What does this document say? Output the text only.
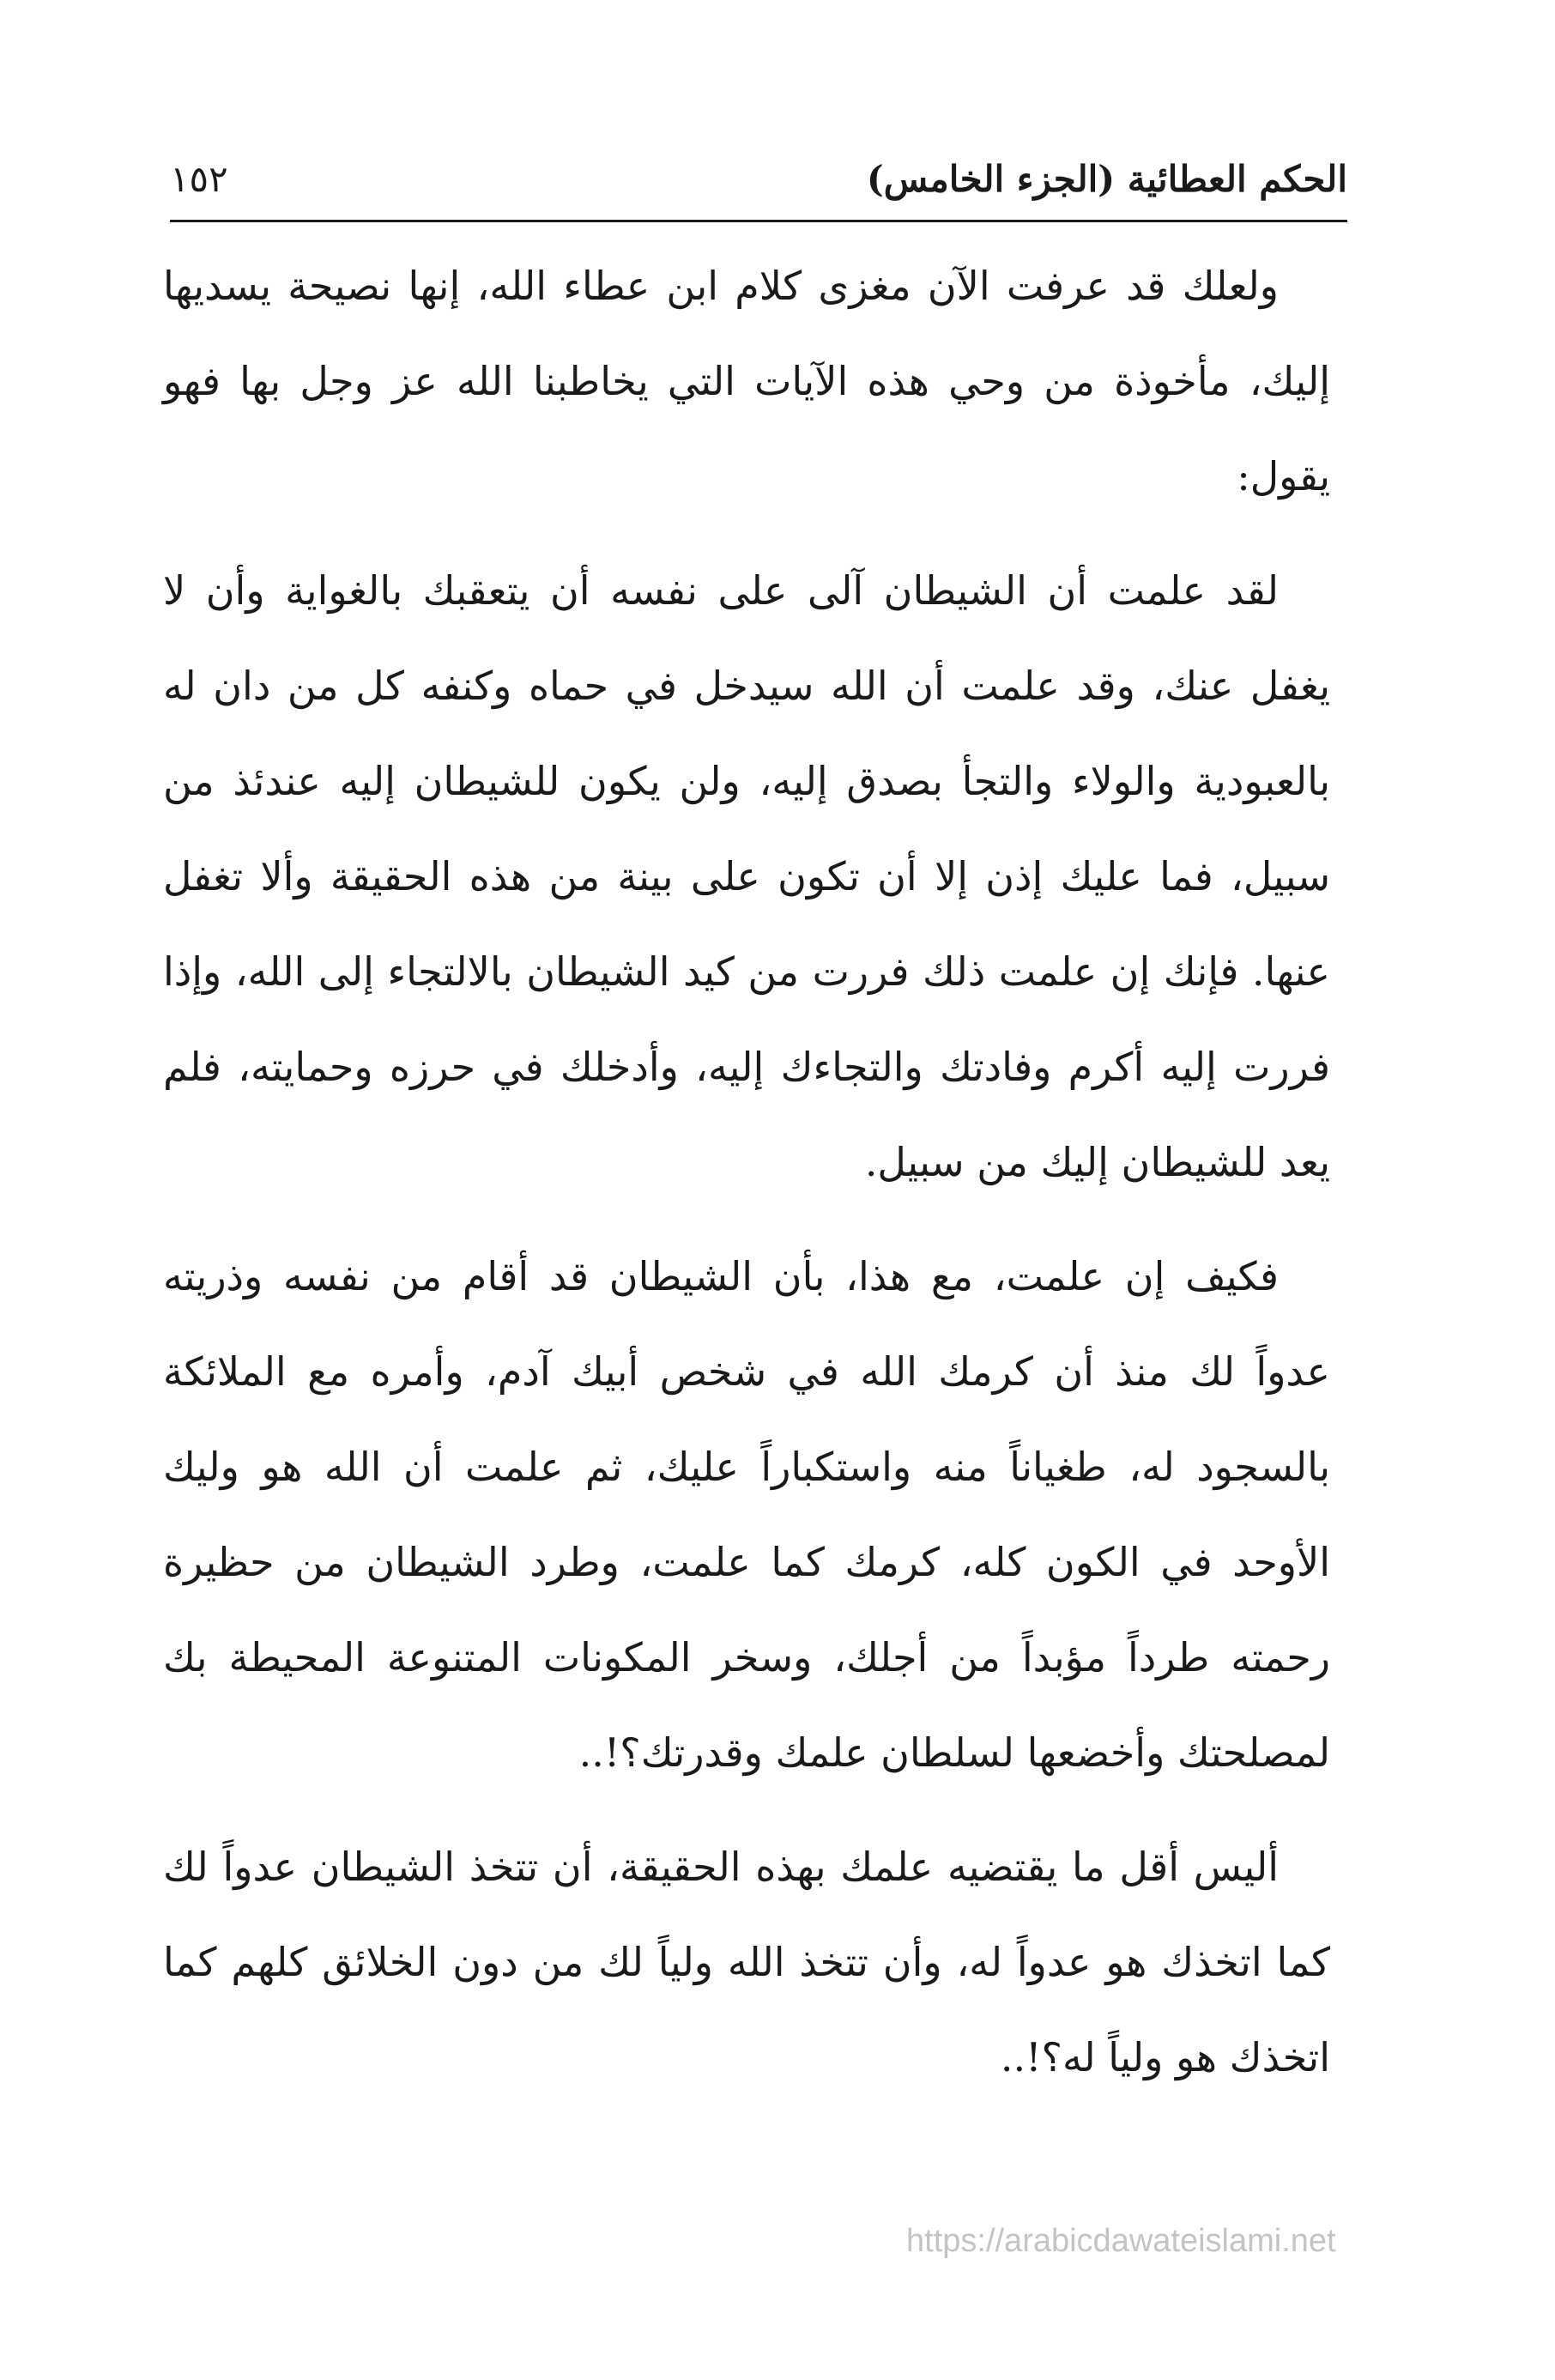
الحكم العطائية (الجزء الخامس)
١٥٢

ولعلك قد عرفت الآن مغزى كلام ابن عطاء الله، إنها نصيحة يسديها إليك، مأخوذة من وحي هذه الآيات التي يخاطبنا الله عز وجل بها فهو يقول:

لقد علمت أن الشيطان آلى على نفسه أن يتعقبك بالغواية وأن لا يغفل عنك، وقد علمت أن الله سيدخل في حماه وكنفه كل من دان له بالعبودية والولاء والتجأ بصدق إليه، ولن يكون للشيطان إليه عندئذ من سبيل، فما عليك إذن إلا أن تكون على بينة من هذه الحقيقة وألا تغفل عنها. فإنك إن علمت ذلك فررت من كيد الشيطان بالالتجاء إلى الله، وإذا فررت إليه أكرم وفادتك والتجاءك إليه، وأدخلك في حرزه وحمايته، فلم يعد للشيطان إليك من سبيل.

فكيف إن علمت، مع هذا، بأن الشيطان قد أقام من نفسه وذريته عدواً لك منذ أن كرمك الله في شخص أبيك آدم، وأمره مع الملائكة بالسجود له، طغياناً منه واستكباراً عليك، ثم علمت أن الله هو وليك الأوحد في الكون كله، كرمك كما علمت، وطرد الشيطان من حظيرة رحمته طرداً مؤبداً من أجلك، وسخر المكونات المتنوعة المحيطة بك لمصلحتك وأخضعها لسلطان علمك وقدرتك؟!..

أليس أقل ما يقتضيه علمك بهذه الحقيقة، أن تتخذ الشيطان عدواً لك كما اتخذك هو عدواً له، وأن تتخذ الله ولياً لك من دون الخلائق كلهم كما اتخذك هو ولياً له؟!..

https://arabicdawateislami.net
